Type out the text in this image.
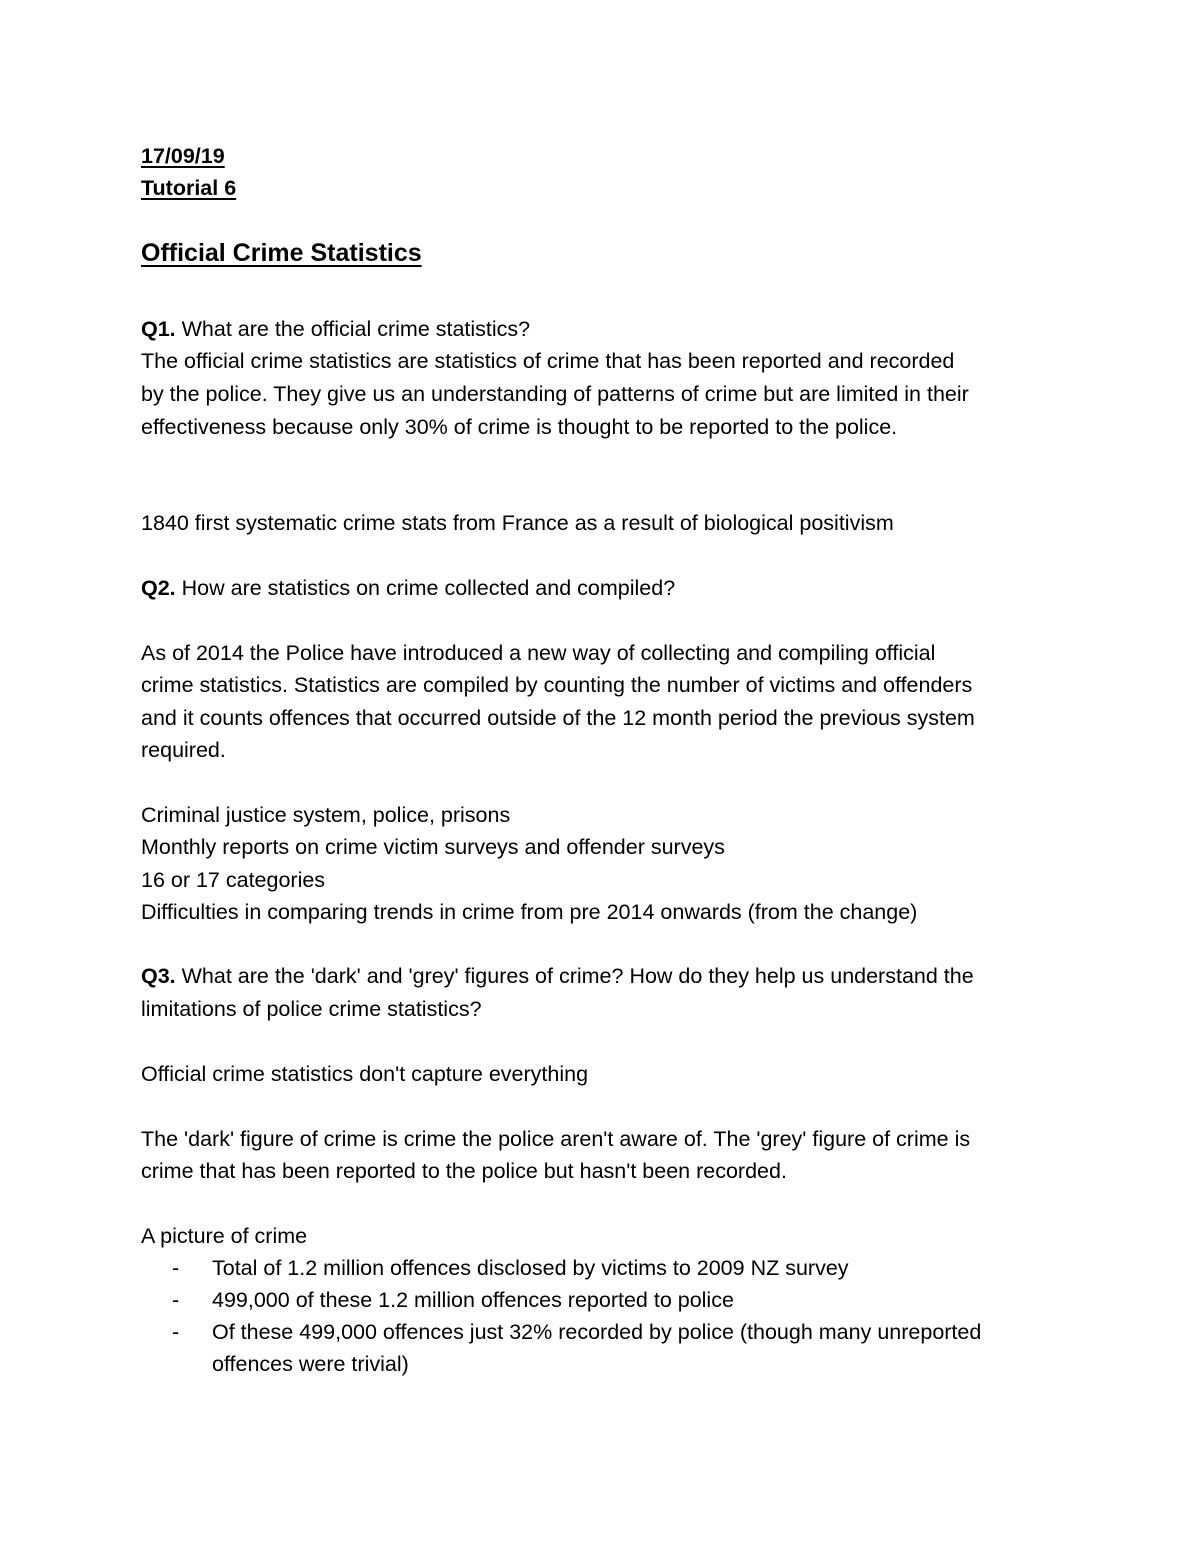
17/09/19
Tutorial 6
Official Crime Statistics
Q1. What are the official crime statistics?
The official crime statistics are statistics of crime that has been reported and recorded
by the police. They give us an understanding of patterns of crime but are limited in their
effectiveness because only 30% of crime is thought to be reported to the police.
1840 first systematic crime stats from France as a result of biological positivism
Q2. How are statistics on crime collected and compiled?
As of 2014 the Police have introduced a new way of collecting and compiling official
crime statistics. Statistics are compiled by counting the number of victims and offenders
and it counts offences that occurred outside of the 12 month period the previous system
required.
Criminal justice system, police, prisons
Monthly reports on crime victim surveys and offender surveys
16 or 17 categories
Difficulties in comparing trends in crime from pre 2014 onwards (from the change)
Q3. What are the 'dark' and 'grey' figures of crime? How do they help us understand the
limitations of police crime statistics?
Official crime statistics don't capture everything
The 'dark' figure of crime is crime the police aren't aware of. The 'grey' figure of crime is
crime that has been reported to the police but hasn't been recorded.
A picture of crime
- Total of 1.2 million offences disclosed by victims to 2009 NZ survey
- 499,000 of these 1.2 million offences reported to police
- Of these 499,000 offences just 32% recorded by police (though many unreported
offences were trivial)
